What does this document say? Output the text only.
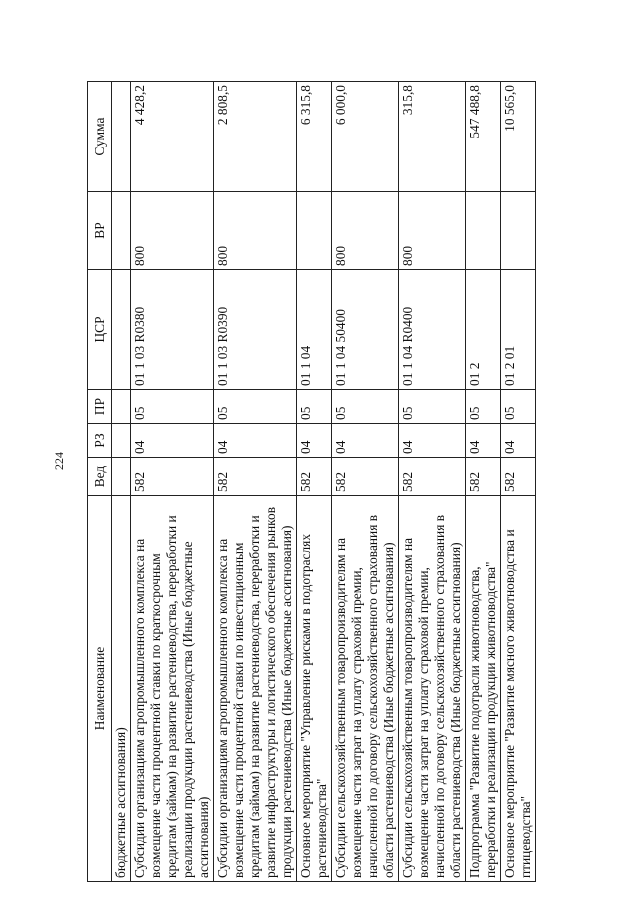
224
Наименование	Вед	РЗ	ПР	ЦСР	ВР	Сумма
бюджетные ассигнования)						
Субсидии организациям агропромышленного комплекса на возмещение части процентной ставки по краткосрочным кредитам (займам) на развитие растениеводства, переработки и реализации продукции растениеводства (Иные бюджетные ассигнования)	582	04	05	01 1 03 R0380	800	4 428,2
Субсидии организациям агропромышленного комплекса на возмещение части процентной ставки по инвестиционным кредитам (займам) на развитие растениеводства, переработки и развитие инфраструктуры и логистического обеспечения рынков продукции растениеводства (Иные бюджетные ассигнования)	582	04	05	01 1 03 R0390	800	2 808,5
Основное мероприятие "Управление рисками в подотраслях растениеводства"	582	04	05	01 1 04		6 315,8
Субсидии сельскохозяйственным товаропроизводителям на возмещение части затрат на уплату страховой премии, начисленной по договору сельскохозяйственного страхования в области растениеводства (Иные бюджетные ассигнования)	582	04	05	01 1 04 50400	800	6 000,0
Субсидии сельскохозяйственным товаропроизводителям на возмещение части затрат на уплату страховой премии, начисленной по договору сельскохозяйственного страхования в области растениеводства (Иные бюджетные ассигнования)	582	04	05	01 1 04 R0400	800	315,8
Подпрограмма "Развитие подотрасли животноводства, переработки и реализации продукции животноводства"	582	04	05	01 2		547 488,8
Основное мероприятие "Развитие мясного животноводства и птицеводства"	582	04	05	01 2 01		10 565,0
